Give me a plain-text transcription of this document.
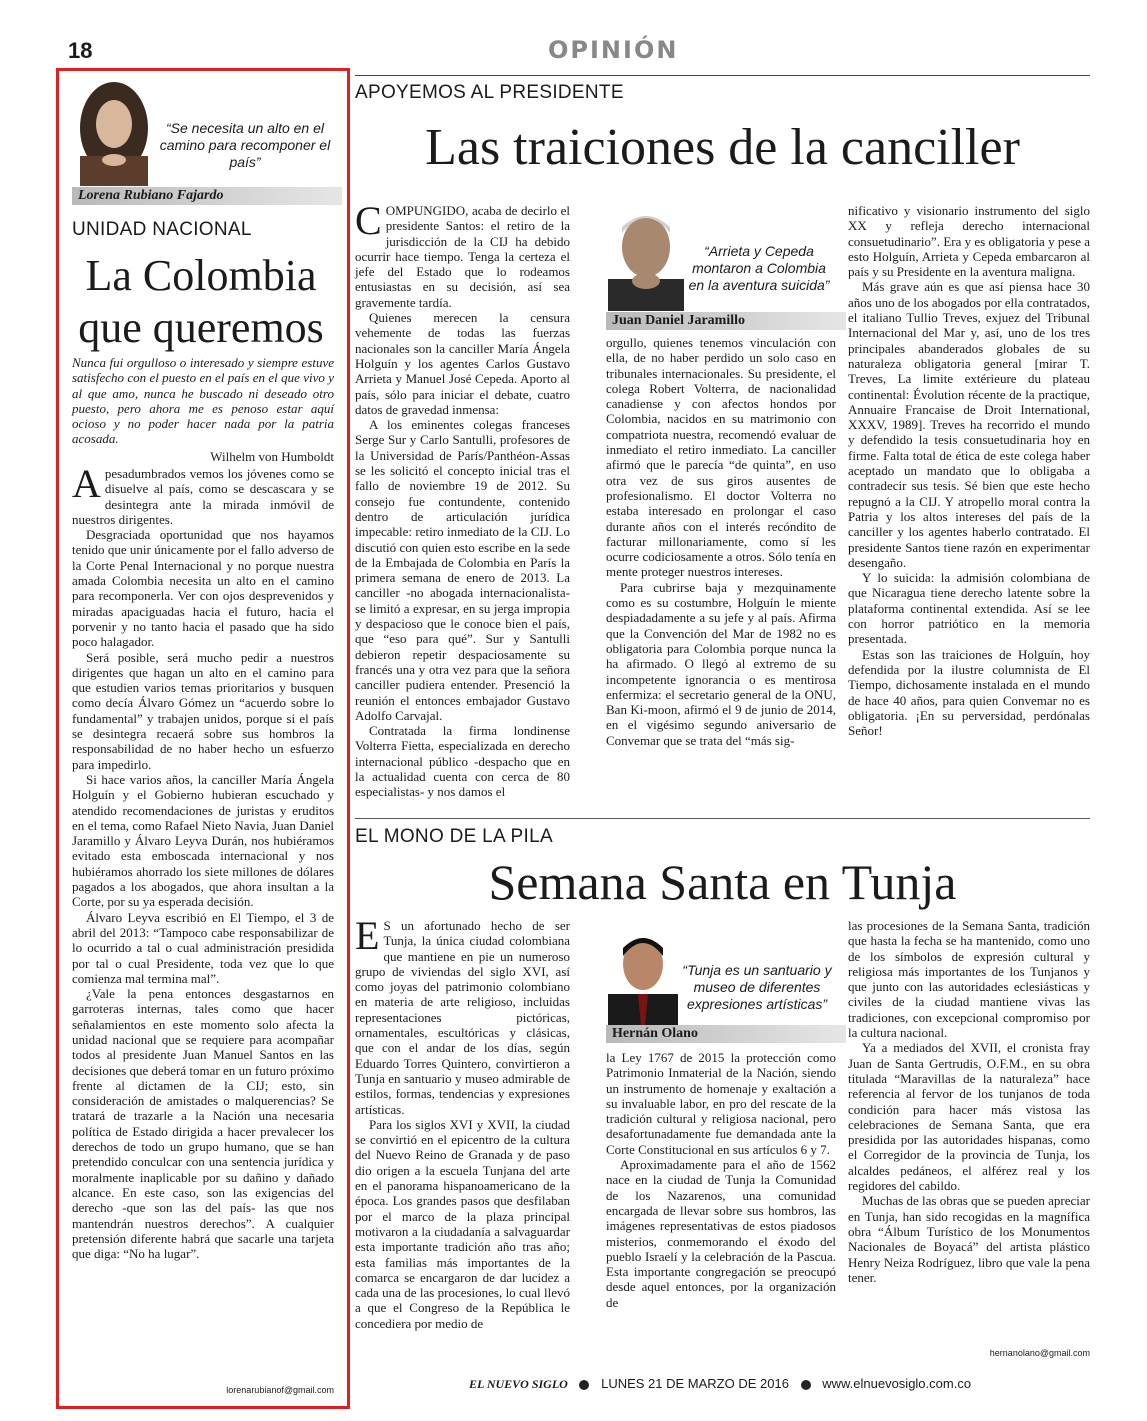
18	OPINIÓN
“Se necesita un alto en el camino para recomponer el país”
Lorena Rubiano Fajardo
UNIDAD NACIONAL
La Colombia que queremos

Nunca fui orgulloso o interesado y siempre estuve satisfecho con el puesto en el país en el que vivo y al que amo, nunca he buscado ni deseado otro puesto, pero ahora me es penoso estar aquí ocioso y no poder hacer nada por la patria acosada.

Wilhelm von Humboldt

Apesadumbrados vemos los jóvenes como se disuelve al país, como se descascara y se desintegra ante la mirada inmóvil de nuestros dirigentes.

Desgraciada oportunidad que nos hayamos tenido que unir únicamente por el fallo adverso de la Corte Penal Internacional y no porque nuestra amada Colombia necesita un alto en el camino para recomponerla. Ver con ojos desprevenidos y miradas apaciguadas hacia el futuro, hacia el porvenir y no tanto hacia el pasado que ha sido poco halagador.

Será posible, será mucho pedir a nuestros dirigentes que hagan un alto en el camino para que estudien varios temas prioritarios y busquen como decía Álvaro Gómez un “acuerdo sobre lo fundamental” y trabajen unidos, porque si el país se desintegra recaerá sobre sus hombros la responsabilidad de no haber hecho un esfuerzo para impedirlo.

Si hace varios años, la canciller María Ángela Holguín y el Gobierno hubieran escuchado y atendido recomendaciones de juristas y eruditos en el tema, como Rafael Nieto Navia, Juan Daniel Jaramillo y Álvaro Leyva Durán, nos hubiéramos evitado esta emboscada internacional y nos hubiéramos ahorrado los siete millones de dólares pagados a los abogados, que ahora insultan a la Corte, por su ya esperada decisión.

Álvaro Leyva escribió en El Tiempo, el 3 de abril del 2013: “Tampoco cabe responsabilizar de lo ocurrido a tal o cual administración presidida por tal o cual Presidente, toda vez que lo que comienza mal termina mal”.

¿Vale la pena entonces desgastarnos en garroteras internas, tales como que hacer señalamientos en este momento solo afecta la unidad nacional que se requiere para acompañar todos al presidente Juan Manuel Santos en las decisiones que deberá tomar en un futuro próximo frente al dictamen de la CIJ; esto, sin consideración de amistades o malquerencias? Se tratará de trazarle a la Nación una necesaria política de Estado dirigida a hacer prevalecer los derechos de todo un grupo humano, que se han pretendido conculcar con una sentencia jurídica y moralmente inaplicable por su dañino y dañado alcance. En este caso, son las exigencias del derecho -que son las del país- las que nos mantendrán nuestros derechos”. A cualquier pretensión diferente habrá que sacarle una tarjeta que diga: “No ha lugar”.

lorenarubianof@gmail.com
APOYEMOS AL PRESIDENTE
Las traiciones de la canciller

COMPUNGIDO, acaba de decirlo el presidente Santos: el retiro de la jurisdicción de la CIJ ha debido ocurrir hace tiempo. Tenga la certeza el jefe del Estado que lo rodeamos entusiastas en su decisión, así sea gravemente tardía.

Quienes merecen la censura vehemente de todas las fuerzas nacionales son la canciller María Ángela Holguín y los agentes Carlos Gustavo Arrieta y Manuel José Cepeda. Aporto al país, sólo para iniciar el debate, cuatro datos de gravedad inmensa:

A los eminentes colegas franceses Serge Sur y Carlo Santulli, profesores de la Universidad de París/Panthéon-Assas se les solicitó el concepto inicial tras el fallo de noviembre 19 de 2012. Su consejo fue contundente, contenido dentro de articulación jurídica impecable: retiro inmediato de la CIJ. Lo discutió con quien esto escribe en la sede de la Embajada de Colombia en París la primera semana de enero de 2013. La canciller -no abogada internacionalista- se limitó a expresar, en su jerga impropia y despacioso que le conoce bien el país, que “eso para qué”. Sur y Santulli debieron repetir despaciosamente su francés una y otra vez para que la señora canciller pudiera entender. Presenció la reunión el entonces embajador Gustavo Adolfo Carvajal.

Contratada la firma londinense Volterra Fietta, especializada en derecho internacional público -despacho que en la actualidad cuenta con cerca de 80 especialistas- y nos damos el

“Arrieta y Cepeda montaron a Colombia en la aventura suicida”
Juan Daniel Jaramillo

orgullo, quienes tenemos vinculación con ella, de no haber perdido un solo caso en tribunales internacionales. Su presidente, el colega Robert Volterra, de nacionalidad canadiense y con afectos hondos por Colombia, nacidos en su matrimonio con compatriota nuestra, recomendó evaluar de inmediato el retiro inmediato. La canciller afirmó que le parecía “de quinta”, en uso otra vez de sus giros ausentes de profesionalismo. El doctor Volterra no estaba interesado en prolongar el caso durante años con el interés recóndito de facturar millonariamente, como sí les ocurre codiciosamente a otros. Sólo tenía en mente proteger nuestros intereses.

Para cubrirse baja y mezquinamente como es su costumbre, Holguín le miente despiadadamente a su jefe y al país. Afirma que la Convención del Mar de 1982 no es obligatoria para Colombia porque nunca la ha afirmado. O llegó al extremo de su incompetente ignorancia o es mentirosa enfermiza: el secretario general de la ONU, Ban Ki-moon, afirmó el 9 de junio de 2014, en el vigésimo segundo aniversario de Convemar que se trata del “más sig-

nificativo y visionario instrumento del siglo XX y refleja derecho internacional consuetudinario”. Era y es obligatoria y pese a esto Holguín, Arrieta y Cepeda embarcaron al país y su Presidente en la aventura maligna.

Más grave aún es que así piensa hace 30 años uno de los abogados por ella contratados, el italiano Tullio Treves, exjuez del Tribunal Internacional del Mar y, así, uno de los tres principales abanderados globales de su naturaleza obligatoria general [mirar T. Treves, La limite extérieure du plateau continental: Évolution récente de la practique, Annuaire Francaise de Droit International, XXXV, 1989]. Treves ha recorrido el mundo y defendido la tesis consuetudinaria hoy en firme. Falta total de ética de este colega haber aceptado un mandato que lo obligaba a contradecir sus tesis. Sé bien que este hecho repugnó a la CIJ. Y atropello moral contra la Patria y los altos intereses del país de la canciller y los agentes haberlo contratado. El presidente Santos tiene razón en experimentar desengaño.

Y lo suicida: la admisión colombiana de que Nicaragua tiene derecho latente sobre la plataforma continental extendida. Así se lee con horror patriótico en la memoria presentada.

Estas son las traiciones de Holguín, hoy defendida por la ilustre columnista de El Tiempo, dichosamente instalada en el mundo de hace 40 años, para quien Convemar no es obligatoria. ¡En su perversidad, perdónalas Señor!

EL MONO DE LA PILA
Semana Santa en Tunja

E S un afortunado hecho de ser Tunja, la única ciudad colombiana que mantiene en pie un numeroso grupo de viviendas del siglo XVI, así como joyas del patrimonio colombiano en materia de arte religioso, incluidas representaciones pictóricas, ornamentales, escultóricas y clásicas, que con el andar de los días, según Eduardo Torres Quintero, convirtieron a Tunja en santuario y museo admirable de estilos, formas, tendencias y expresiones artísticas.

Para los siglos XVI y XVII, la ciudad se convirtió en el epicentro de la cultura del Nuevo Reino de Granada y de paso dio origen a la escuela Tunjana del arte en el panorama hispanoamericano de la época. Los grandes pasos que desfilaban por el marco de la plaza principal motivaron a la ciudadanía a salvaguardar esta importante tradición año tras año; esta familias más importantes de la comarca se encargaron de dar lucidez a cada una de las procesiones, lo cual llevó a que el Congreso de la República le concediera por medio de

“Tunja es un santuario y museo de diferentes expresiones artísticas”
Hernán Olano

la Ley 1767 de 2015 la protección como Patrimonio Inmaterial de la Nación, siendo un instrumento de homenaje y exaltación a su invaluable labor, en pro del rescate de la tradición cultural y religiosa nacional, pero desafortunadamente fue demandada ante la Corte Constitucional en sus artículos 6 y 7.

Aproximadamente para el año de 1562 nace en la ciudad de Tunja la Comunidad de los Nazarenos, una comunidad encargada de llevar sobre sus hombros, las imágenes representativas de estos piadosos misterios, conmemorando el éxodo del pueblo Israelí y la celebración de la Pascua. Esta importante congregación se preocupó desde aquel entonces, por la organización de

las procesiones de la Semana Santa, tradición que hasta la fecha se ha mantenido, como uno de los símbolos de expresión cultural y religiosa más importantes de los Tunjanos y que junto con las autoridades eclesiásticas y civiles de la ciudad mantiene vivas las tradiciones, con excepcional compromiso por la cultura nacional.

Ya a mediados del XVII, el cronista fray Juan de Santa Gertrudis, O.F.M., en su obra titulada “Maravillas de la naturaleza” hace referencia al fervor de los tunjanos de toda condición para hacer más vistosa las celebraciones de Semana Santa, que era presidida por las autoridades hispanas, como el Corregidor de la provincia de Tunja, los alcaldes pedáneos, el alférez real y los regidores del cabildo.

Muchas de las obras que se pueden apreciar en Tunja, han sido recogidas en la magnífica obra “Álbum Turístico de los Monumentos Nacionales de Boyacá” del artista plástico Henry Neiza Rodríguez, libro que vale la pena tener.

hernanolano@gmail.com
EL NUEVO SIGLO	LUNES 21 DE MARZO DE 2016	www.elnuevosiglo.com.co
